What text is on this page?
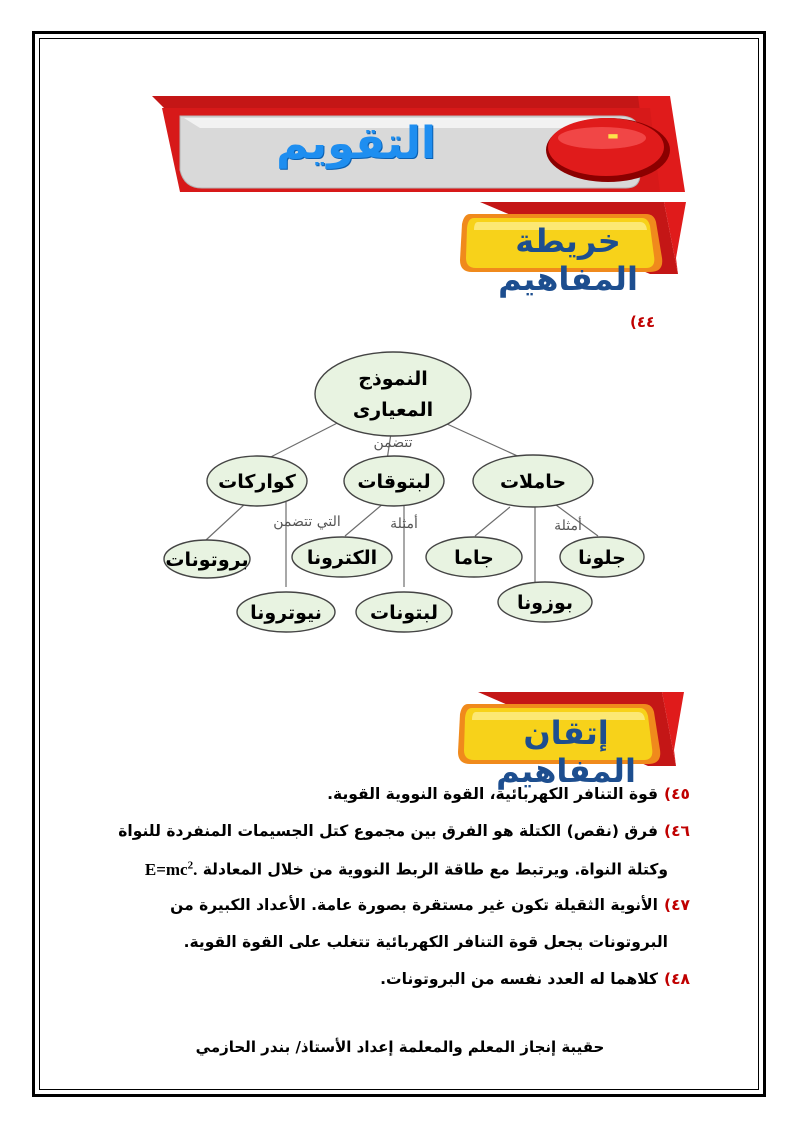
التقويم	-
خريطة المفاهيم
٤٤)
النموذج
المعيارى
حاملات
لبتوقات
كواركات
جلونا
جاما
بوزونا
الكترونا
لبتونات
بروتونات
نيوترونا
تتضمن
أمثلة
أمثلة
التي تتضمن
إتقان المفاهيم
٤٥)قوة التنافر الكهربائية، القوة النووية القوية.
٤٦)فرق (نقص) الكتلة هو الفرق بين مجموع كتل الجسيمات المنفردة للنواة
وكتلة النواة. ويرتبط مع طاقة الربط النووية من خلال المعادلة $E=mc^2$.
٤٧)الأنوية الثقيلة تكون غير مستقرة بصورة عامة. الأعداد الكبيرة من
البروتونات يجعل قوة التنافر الكهربائية تتغلب على القوة القوية.
٤٨)كلاهما له العدد نفسه من البروتونات.
حقيبة إنجاز المعلم والمعلمة إعداد الأستاذ/ بندر الحازمي
